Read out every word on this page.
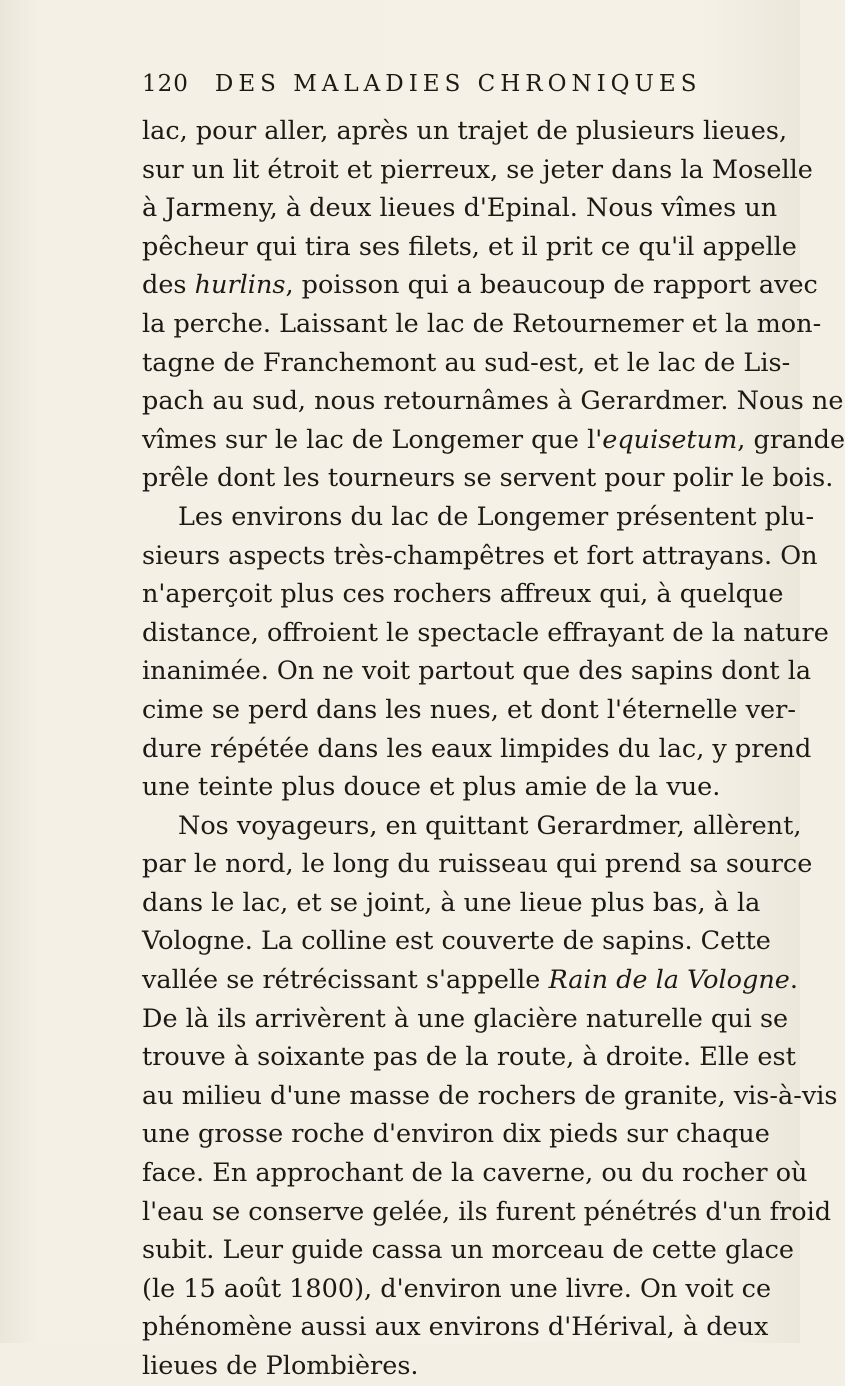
120 DES MALADIES CHRONIQUES
lac, pour aller, après un trajet de plusieurs lieues,
sur un lit étroit et pierreux, se jeter dans la Moselle
à Jarmeny, à deux lieues d'Epinal. Nous vîmes un
pêcheur qui tira ses filets, et il prit ce qu'il appelle
des hurlins, poisson qui a beaucoup de rapport avec
la perche. Laissant le lac de Retournemer et la mon-
tagne de Franchemont au sud-est, et le lac de Lis-
pach au sud, nous retournâmes à Gerardmer. Nous ne
vîmes sur le lac de Longemer que l'equisetum, grande
prêle dont les tourneurs se servent pour polir le bois.
Les environs du lac de Longemer présentent plu-
sieurs aspects très-champêtres et fort attrayans. On
n'aperçoit plus ces rochers affreux qui, à quelque
distance, offroient le spectacle effrayant de la nature
inanimée. On ne voit partout que des sapins dont la
cime se perd dans les nues, et dont l'éternelle ver-
dure répétée dans les eaux limpides du lac, y prend
une teinte plus douce et plus amie de la vue.
Nos voyageurs, en quittant Gerardmer, allèrent,
par le nord, le long du ruisseau qui prend sa source
dans le lac, et se joint, à une lieue plus bas, à la
Vologne. La colline est couverte de sapins. Cette
vallée se rétrécissant s'appelle Rain de la Vologne.
De là ils arrivèrent à une glacière naturelle qui se
trouve à soixante pas de la route, à droite. Elle est
au milieu d'une masse de rochers de granite, vis-à-vis
une grosse roche d'environ dix pieds sur chaque
face. En approchant de la caverne, ou du rocher où
l'eau se conserve gelée, ils furent pénétrés d'un froid
subit. Leur guide cassa un morceau de cette glace
(le 15 août 1800), d'environ une livre. On voit ce
phénomène aussi aux environs d'Hérival, à deux
lieues de Plombières.
